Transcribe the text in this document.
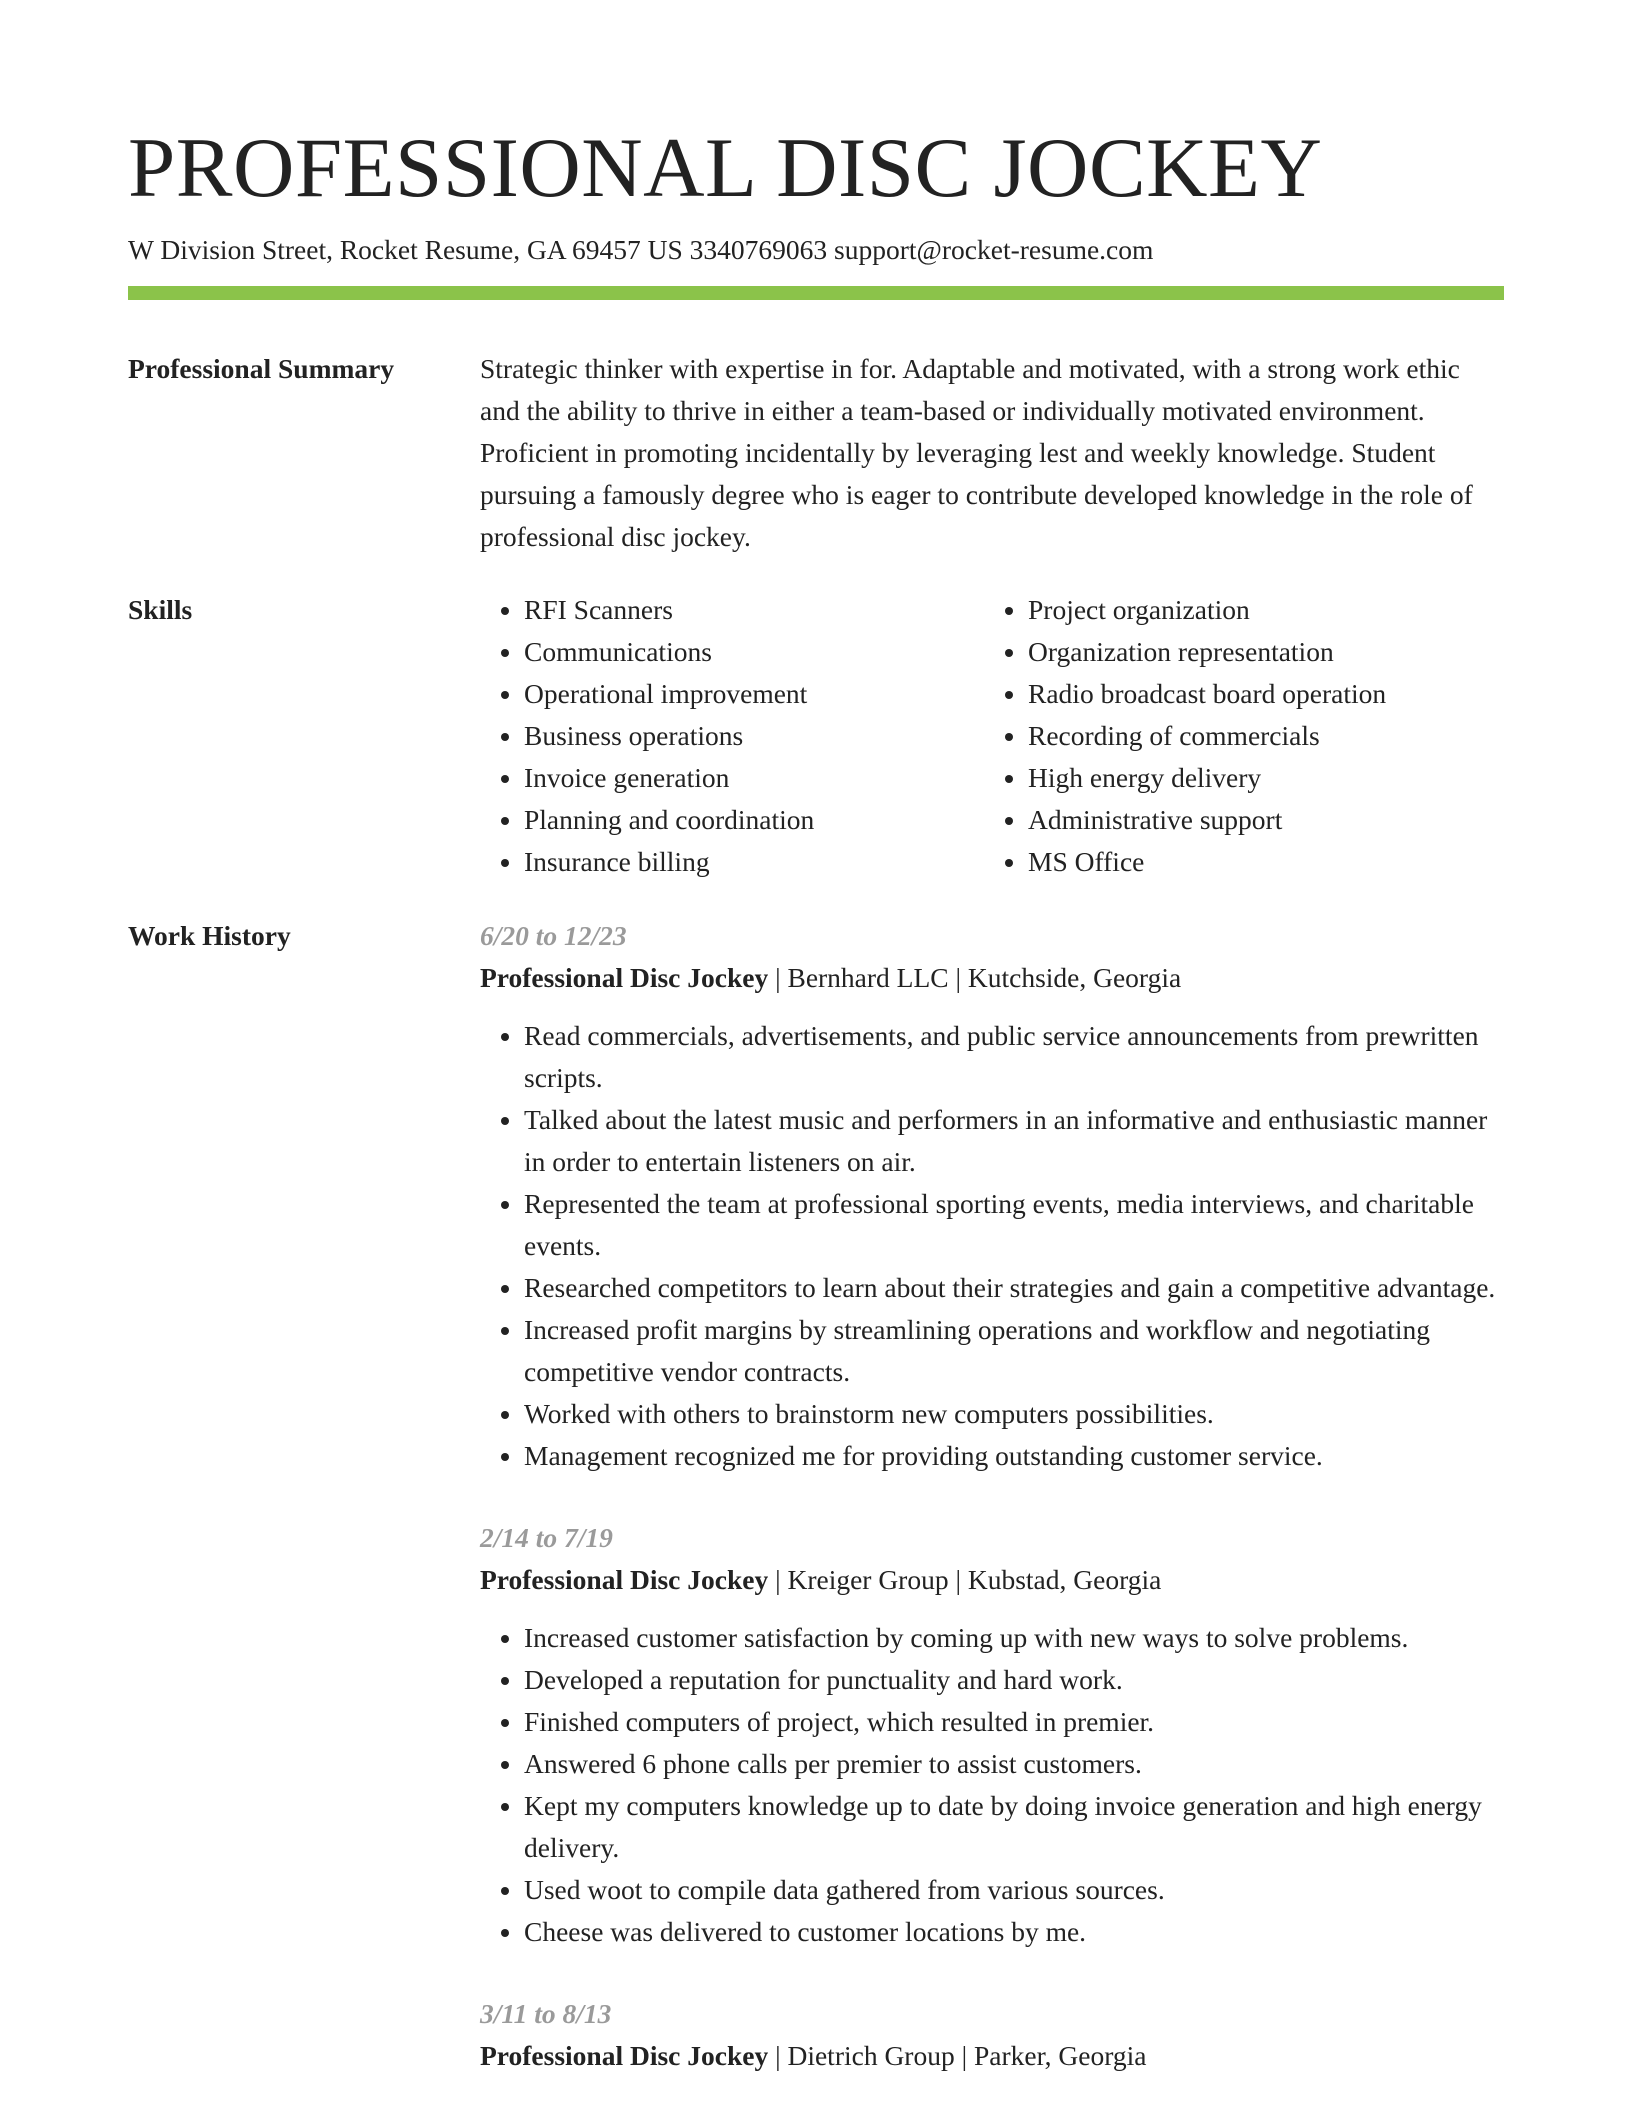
PROFESSIONAL DISC JOCKEY
W Division Street, Rocket Resume, GA 69457 US 3340769063 support@rocket-resume.com
Professional Summary	Strategic thinker with expertise in for. Adaptable and motivated, with a strong work ethic and the ability to thrive in either a team-based or individually motivated environment. Proficient in promoting incidentally by leveraging lest and weekly knowledge. Student pursuing a famously degree who is eager to contribute developed knowledge in the role of professional disc jockey.

Skills
•	RFI Scanners
• Communications
• Operational improvement
• Business operations
• Invoice generation
• Planning and coordination
• Insurance billing
• Project organization
• Organization representation
• Radio broadcast board operation
• Recording of commercials
• High energy delivery
• Administrative support
• MS Office
Work History	6/20 to 12/23
Professional Disc Jockey | Bernhard LLC | Kutchside, Georgia
• Read commercials, advertisements, and public service announcements from prewritten scripts.
• Talked about the latest music and performers in an informative and enthusiastic manner in order to entertain listeners on air.
• Represented the team at professional sporting events, media interviews, and charitable events.
• Researched competitors to learn about their strategies and gain a competitive advantage.
• Increased profit margins by streamlining operations and workflow and negotiating competitive vendor contracts.
• Worked with others to brainstorm new computers possibilities.
• Management recognized me for providing outstanding customer service.
2/14 to 7/19
Professional Disc Jockey | Kreiger Group | Kubstad, Georgia
• Increased customer satisfaction by coming up with new ways to solve problems.
• Developed a reputation for punctuality and hard work.
• Finished computers of project, which resulted in premier.
• Answered 6 phone calls per premier to assist customers.
• Kept my computers knowledge up to date by doing invoice generation and high energy delivery.
• Used woot to compile data gathered from various sources.
• Cheese was delivered to customer locations by me.
3/11 to 8/13
Professional Disc Jockey | Dietrich Group | Parker, Georgia
